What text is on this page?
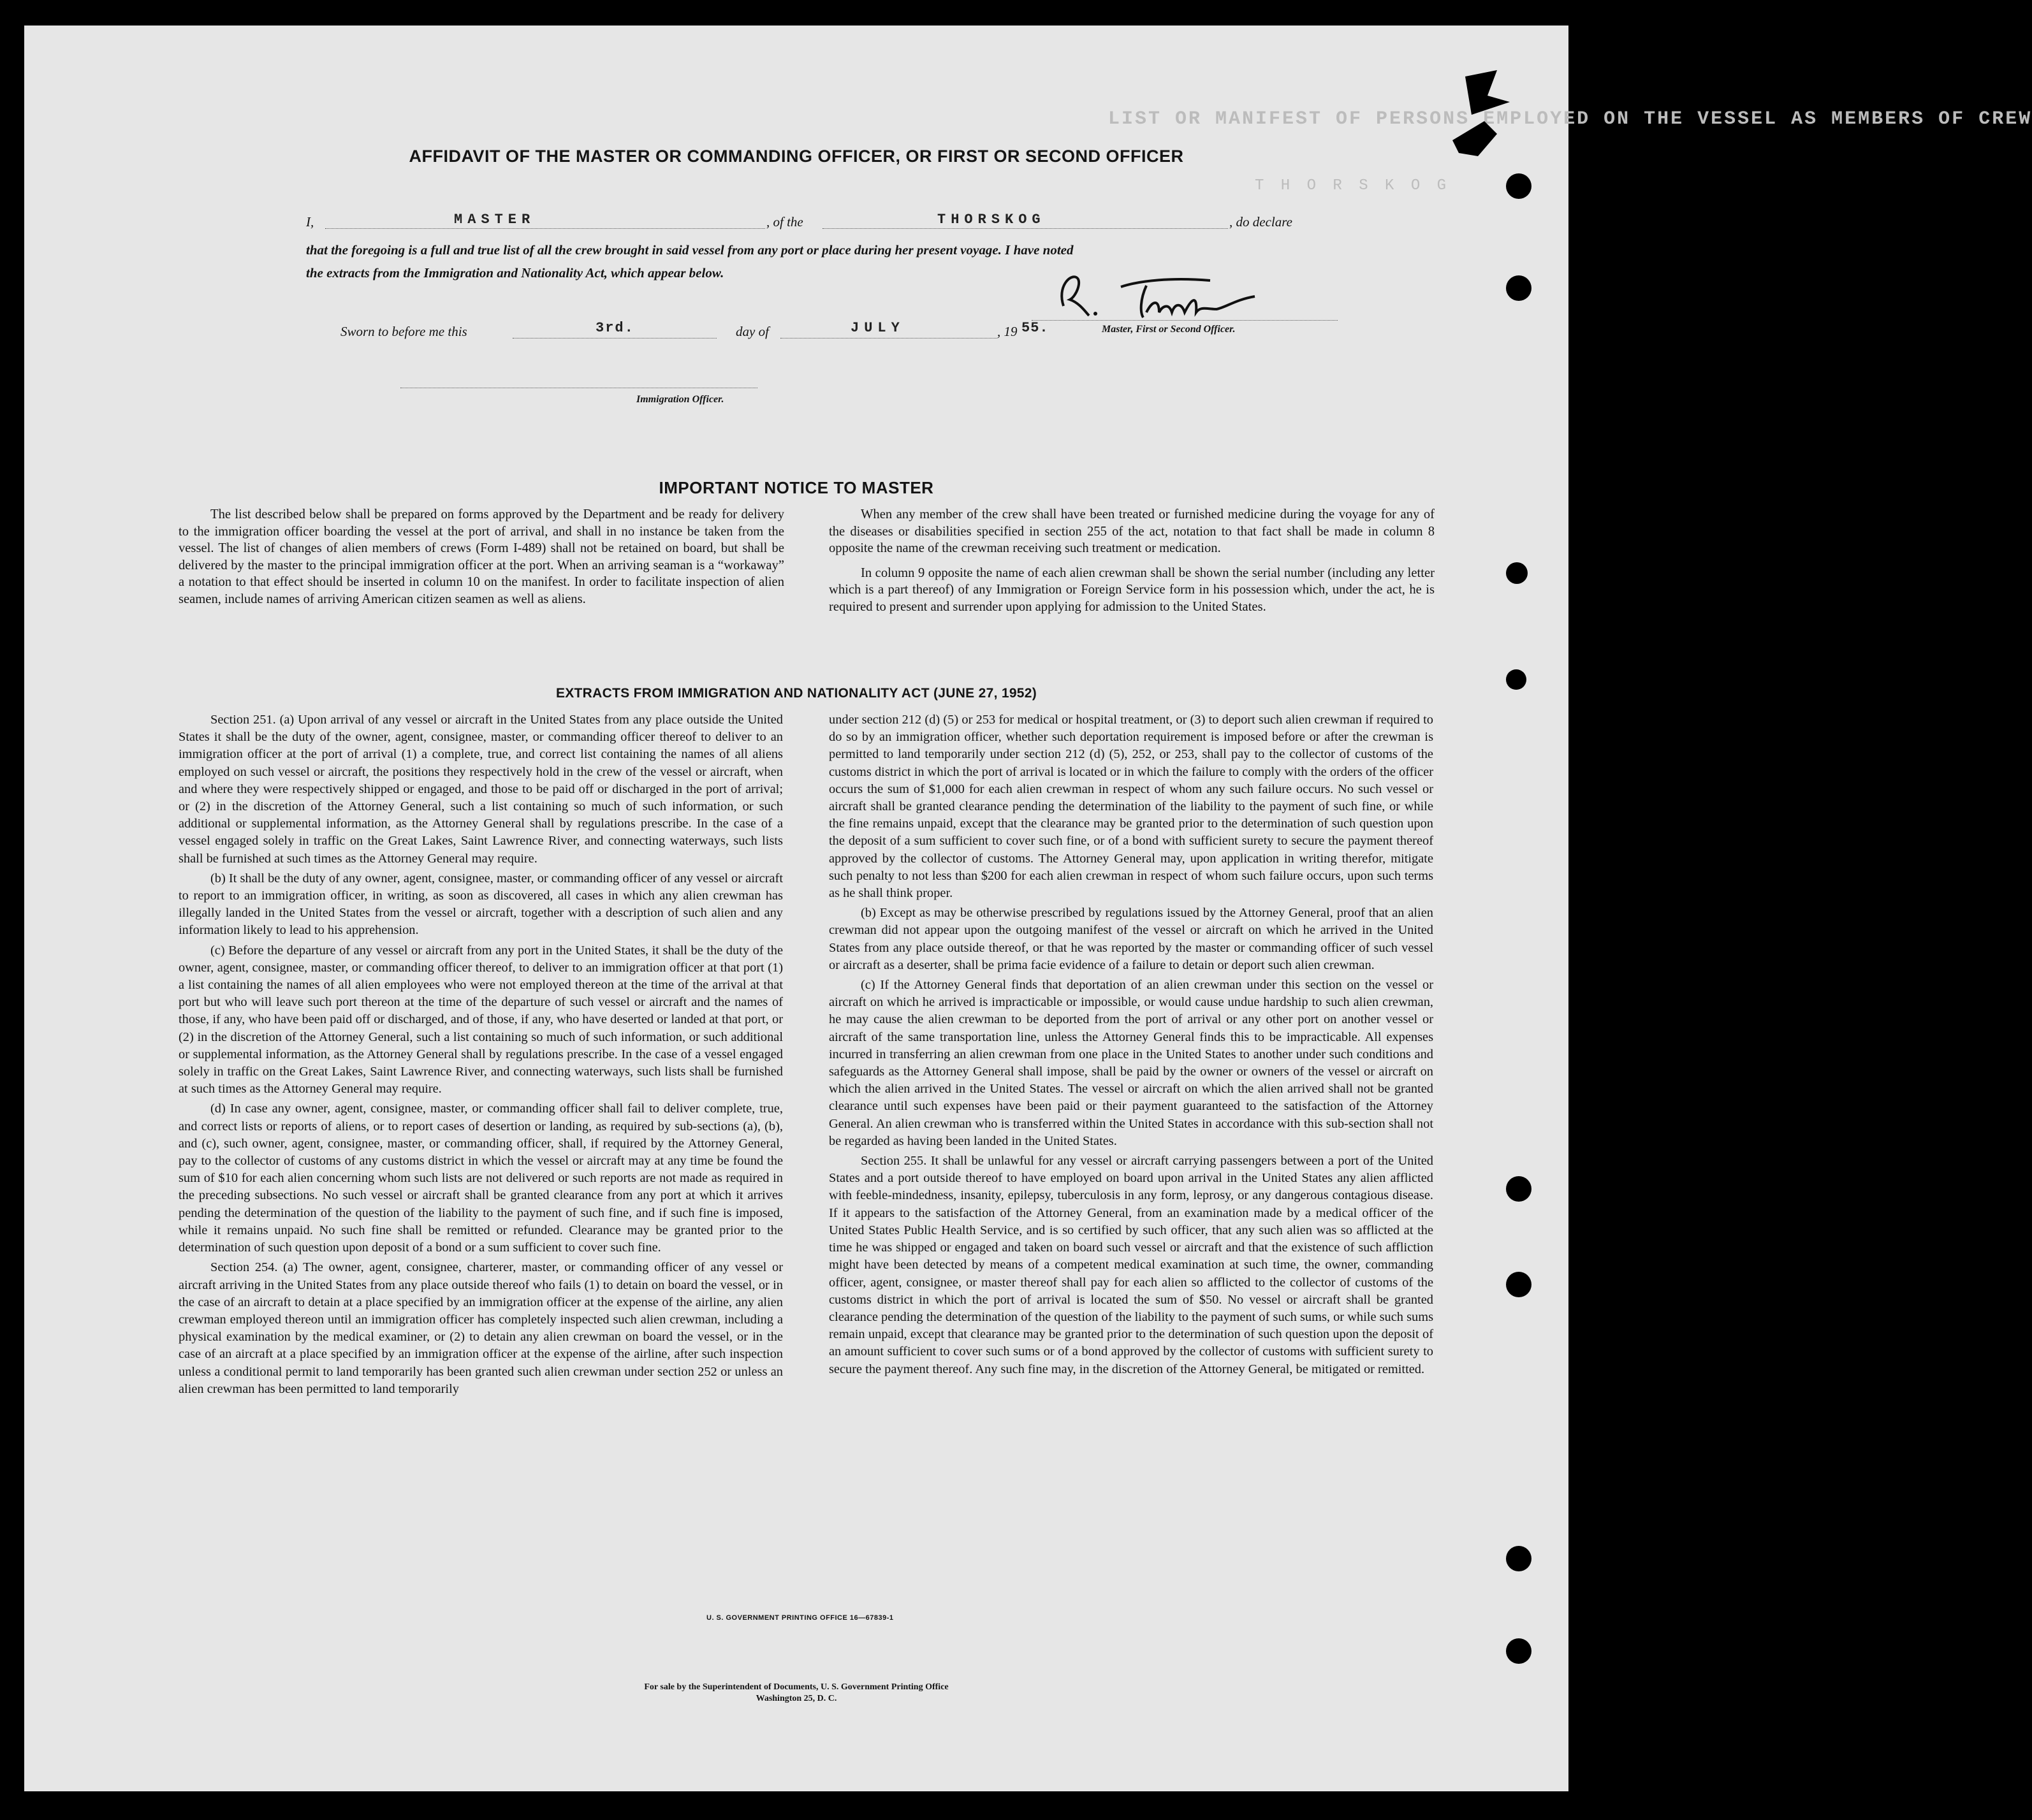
LIST OR MANIFEST OF PERSONS EMPLOYED ON THE VESSEL AS MEMBERS OF CREW
T H O R S K O G
AFFIDAVIT OF THE MASTER OR COMMANDING OFFICER, OR FIRST OR SECOND OFFICER
I,	MASTER	, of the	THORSKOG	, do declare
that the foregoing is a full and true list of all the crew brought in said vessel from any port or place during her present voyage. I have noted
the extracts from the Immigration and Nationality Act, which appear below.
Master, First or Second Officer.
Sworn to before me this	3rd.	day of	JULY	, 19 55.
Immigration Officer.
IMPORTANT NOTICE TO MASTER

The list described below shall be prepared on forms approved by the Department and be ready for delivery to the immigration officer boarding the vessel at the port of arrival, and shall in no instance be taken from the vessel. The list of changes of alien members of crews (Form I-489) shall not be retained on board, but shall be delivered by the master to the principal immigration officer at the port. When an arriving seaman is a “workaway” a notation to that effect should be inserted in column 10 on the manifest. In order to facilitate inspection of alien seamen, include names of arriving American citizen seamen as well as aliens.

When any member of the crew shall have been treated or furnished medicine during the voyage for any of the diseases or disabilities specified in section 255 of the act, notation to that fact shall be made in column 8 opposite the name of the crewman receiving such treatment or medication.

In column 9 opposite the name of each alien crewman shall be shown the serial number (including any letter which is a part thereof) of any Immigration or Foreign Service form in his possession which, under the act, he is required to present and surrender upon applying for admission to the United States.

EXTRACTS FROM IMMIGRATION AND NATIONALITY ACT (JUNE 27, 1952)

Section 251. (a) Upon arrival of any vessel or aircraft in the United States from any place outside the United States it shall be the duty of the owner, agent, consignee, master, or commanding officer thereof to deliver to an immigration officer at the port of arrival (1) a complete, true, and correct list containing the names of all aliens employed on such vessel or aircraft, the positions they respectively hold in the crew of the vessel or aircraft, when and where they were respectively shipped or engaged, and those to be paid off or discharged in the port of arrival; or (2) in the discretion of the Attorney General, such a list containing so much of such information, or such additional or supplemental information, as the Attorney General shall by regulations prescribe. In the case of a vessel engaged solely in traffic on the Great Lakes, Saint Lawrence River, and connecting waterways, such lists shall be furnished at such times as the Attorney General may require.

(b) It shall be the duty of any owner, agent, consignee, master, or commanding officer of any vessel or aircraft to report to an immigration officer, in writing, as soon as discovered, all cases in which any alien crewman has illegally landed in the United States from the vessel or aircraft, together with a description of such alien and any information likely to lead to his apprehension.

(c) Before the departure of any vessel or aircraft from any port in the United States, it shall be the duty of the owner, agent, consignee, master, or commanding officer thereof, to deliver to an immigration officer at that port (1) a list containing the names of all alien employees who were not employed thereon at the time of the arrival at that port but who will leave such port thereon at the time of the departure of such vessel or aircraft and the names of those, if any, who have been paid off or discharged, and of those, if any, who have deserted or landed at that port, or (2) in the discretion of the Attorney General, such a list containing so much of such information, or such additional or supplemental information, as the Attorney General shall by regulations prescribe. In the case of a vessel engaged solely in traffic on the Great Lakes, Saint Lawrence River, and connecting waterways, such lists shall be furnished at such times as the Attorney General may require.

(d) In case any owner, agent, consignee, master, or commanding officer shall fail to deliver complete, true, and correct lists or reports of aliens, or to report cases of desertion or landing, as required by sub-sections (a), (b), and (c), such owner, agent, consignee, master, or commanding officer, shall, if required by the Attorney General, pay to the collector of customs of any customs district in which the vessel or aircraft may at any time be found the sum of $10 for each alien concerning whom such lists are not delivered or such reports are not made as required in the preceding subsections. No such vessel or aircraft shall be granted clearance from any port at which it arrives pending the determination of the question of the liability to the payment of such fine, and if such fine is imposed, while it remains unpaid. No such fine shall be remitted or refunded. Clearance may be granted prior to the determination of such question upon deposit of a bond or a sum sufficient to cover such fine.

Section 254. (a) The owner, agent, consignee, charterer, master, or commanding officer of any vessel or aircraft arriving in the United States from any place outside thereof who fails (1) to detain on board the vessel, or in the case of an aircraft to detain at a place specified by an immigration officer at the expense of the airline, any alien crewman employed thereon until an immigration officer has completely inspected such alien crewman, including a physical examination by the medical examiner, or (2) to detain any alien crewman on board the vessel, or in the case of an aircraft at a place specified by an immigration officer at the expense of the airline, after such inspection unless a conditional permit to land temporarily has been granted such alien crewman under section 252 or unless an alien crewman has been permitted to land temporarily

under section 212 (d) (5) or 253 for medical or hospital treatment, or (3) to deport such alien crewman if required to do so by an immigration officer, whether such deportation requirement is imposed before or after the crewman is permitted to land temporarily under section 212 (d) (5), 252, or 253, shall pay to the collector of customs of the customs district in which the port of arrival is located or in which the failure to comply with the orders of the officer occurs the sum of $1,000 for each alien crewman in respect of whom any such failure occurs. No such vessel or aircraft shall be granted clearance pending the determination of the liability to the payment of such fine, or while the fine remains unpaid, except that the clearance may be granted prior to the determination of such question upon the deposit of a sum sufficient to cover such fine, or of a bond with sufficient surety to secure the payment thereof approved by the collector of customs. The Attorney General may, upon application in writing therefor, mitigate such penalty to not less than $200 for each alien crewman in respect of whom such failure occurs, upon such terms as he shall think proper.

(b) Except as may be otherwise prescribed by regulations issued by the Attorney General, proof that an alien crewman did not appear upon the outgoing manifest of the vessel or aircraft on which he arrived in the United States from any place outside thereof, or that he was reported by the master or commanding officer of such vessel or aircraft as a deserter, shall be prima facie evidence of a failure to detain or deport such alien crewman.

(c) If the Attorney General finds that deportation of an alien crewman under this section on the vessel or aircraft on which he arrived is impracticable or impossible, or would cause undue hardship to such alien crewman, he may cause the alien crewman to be deported from the port of arrival or any other port on another vessel or aircraft of the same transportation line, unless the Attorney General finds this to be impracticable. All expenses incurred in transferring an alien crewman from one place in the United States to another under such conditions and safeguards as the Attorney General shall impose, shall be paid by the owner or owners of the vessel or aircraft on which the alien arrived in the United States. The vessel or aircraft on which the alien arrived shall not be granted clearance until such expenses have been paid or their payment guaranteed to the satisfaction of the Attorney General. An alien crewman who is transferred within the United States in accordance with this sub-section shall not be regarded as having been landed in the United States.

Section 255. It shall be unlawful for any vessel or aircraft carrying passengers between a port of the United States and a port outside thereof to have employed on board upon arrival in the United States any alien afflicted with feeble-mindedness, insanity, epilepsy, tuberculosis in any form, leprosy, or any dangerous contagious disease. If it appears to the satisfaction of the Attorney General, from an examination made by a medical officer of the United States Public Health Service, and is so certified by such officer, that any such alien was so afflicted at the time he was shipped or engaged and taken on board such vessel or aircraft and that the existence of such affliction might have been detected by means of a competent medical examination at such time, the owner, commanding officer, agent, consignee, or master thereof shall pay for each alien so afflicted to the collector of customs of the customs district in which the port of arrival is located the sum of $50. No vessel or aircraft shall be granted clearance pending the determination of the question of the liability to the payment of such sums, or while such sums remain unpaid, except that clearance may be granted prior to the determination of such question upon the deposit of an amount sufficient to cover such sums or of a bond approved by the collector of customs with sufficient surety to secure the payment thereof. Any such fine may, in the discretion of the Attorney General, be mitigated or remitted.

U. S. GOVERNMENT PRINTING OFFICE 16—67839-1
For sale by the Superintendent of Documents, U. S. Government Printing Office
Washington 25, D. C.
